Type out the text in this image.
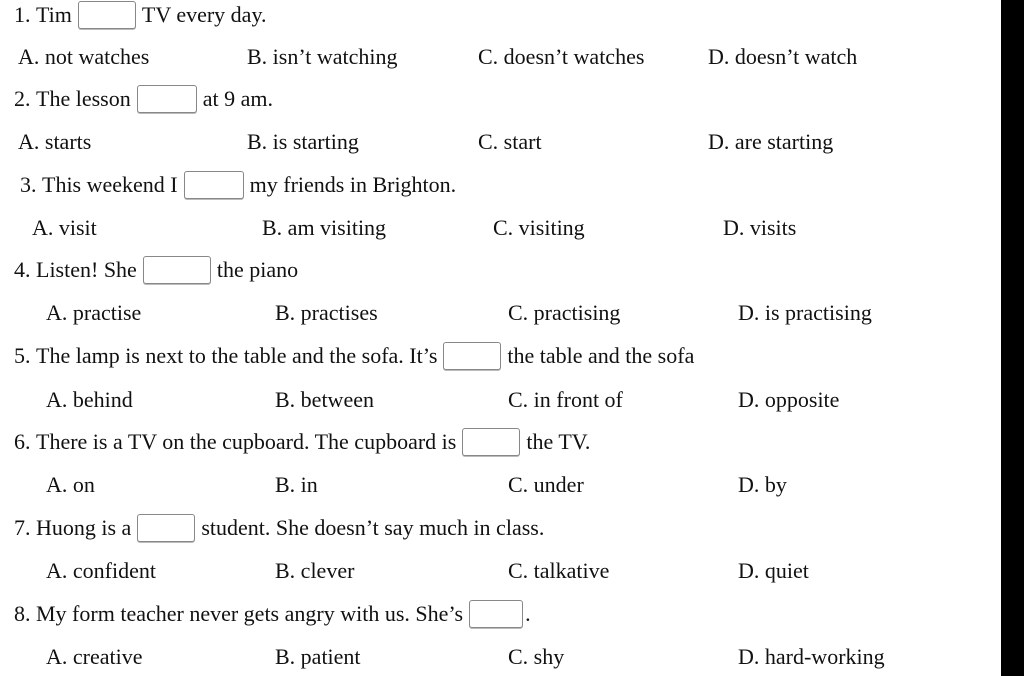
1.
Tim	TV every day.
A. not watches	B. isn’t watching	C. doesn’t watches	D. doesn’t watch
2.
The lesson	at 9 am.
A. starts	B. is starting	C. start	D. are starting
3.
This weekend I	my friends in Brighton.
A. visit	B. am visiting	C. visiting	D. visits
4.
Listen! She	the piano
A. practise	B. practises	C. practising	D. is practising
5.
The lamp is next to the table and the sofa. It’s	the table and the sofa
A. behind	B. between	C. in front of	D. opposite
6.
There is a TV on the cupboard. The cupboard is	the TV.
A. on	B. in	C. under	D. by
7.
Huong is a	student. She doesn’t say much in class.
A. confident	B. clever	C. talkative	D. quiet
8.
My form teacher never gets angry with us. She’s	.
A. creative	B. patient	C. shy	D. hard-working
